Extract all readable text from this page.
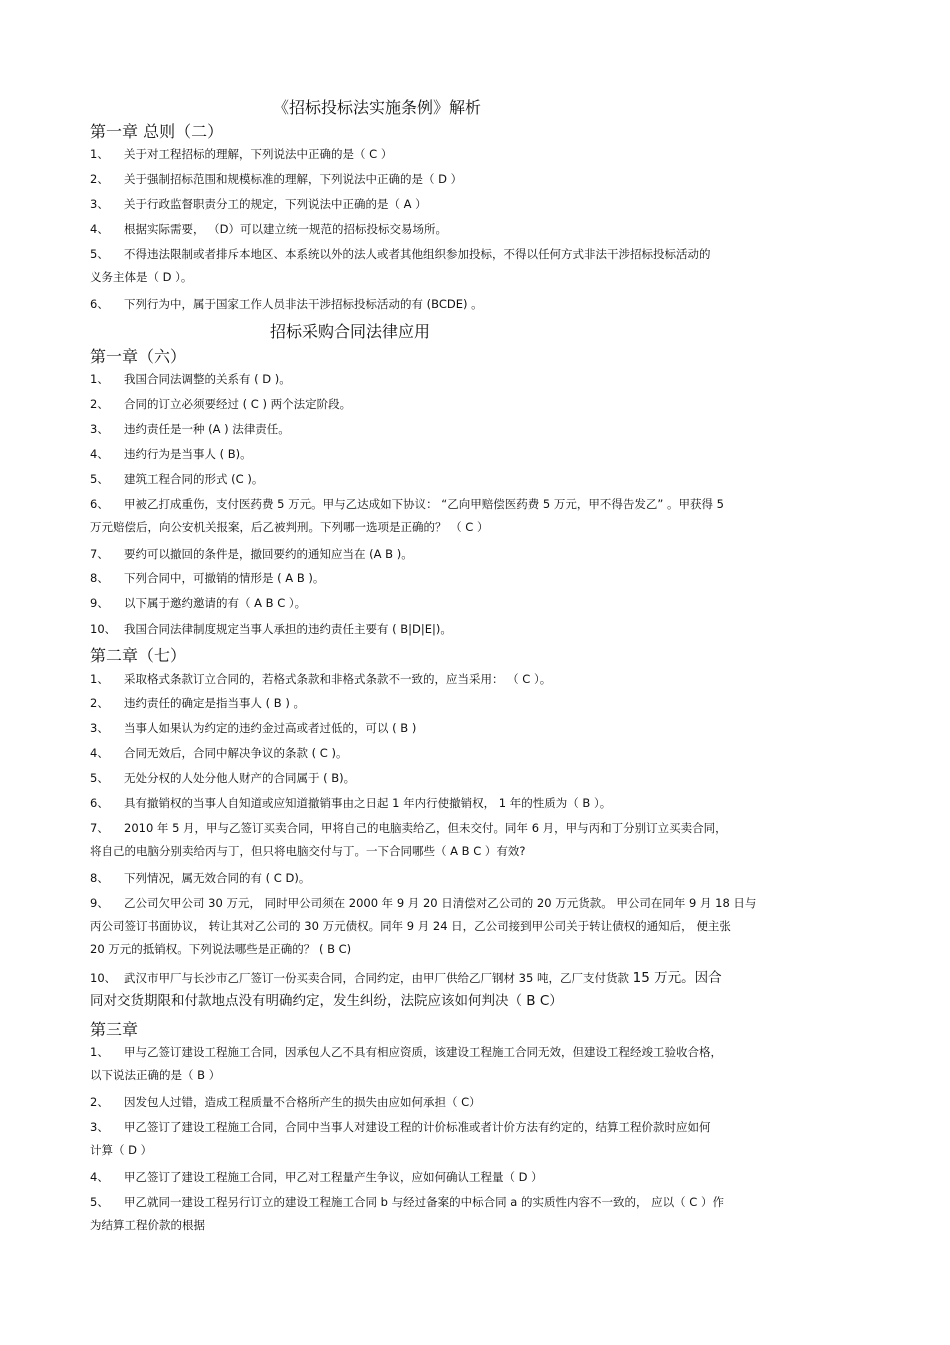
《招标投标法实施条例》解析
第一章 总则（二）
1、 关于对工程招标的理解，下列说法中正确的是（ C ）
2、 关于强制招标范围和规模标准的理解，下列说法中正确的是（ D ）
3、 关于行政监督职责分工的规定，下列说法中正确的是（ A ）
4、 根据实际需要， （D）可以建立统一规范的招标投标交易场所。
5、 不得违法限制或者排斥本地区、本系统以外的法人或者其他组织参加投标，不得以任何方式非法干涉招标投标活动的
义务主体是（ D ）。
6、 下列行为中，属于国家工作人员非法干涉招标投标活动的有 (BCDE) 。
招标采购合同法律应用
第一章（六）
1、 我国合同法调整的关系有 ( D )。
2、 合同的订立必须要经过 ( C ) 两个法定阶段。
3、 违约责任是一种 (A ) 法律责任。
4、 违约行为是当事人 ( B)。
5、 建筑工程合同的形式 (C )。
6、 甲被乙打成重伤，支付医药费 5 万元。甲与乙达成如下协议： “乙向甲赔偿医药费 5 万元，甲不得告发乙” 。甲获得 5
万元赔偿后，向公安机关报案，后乙被判刑。下列哪一选项是正确的？ （ C ）
7、 要约可以撤回的条件是，撤回要约的通知应当在 (A B )。
8、 下列合同中，可撤销的情形是 ( A B )。
9、 以下属于邀约邀请的有（ A B C ）。
10、 我国合同法律制度规定当事人承担的违约责任主要有 ( B|D|E|)。
第二章（七）
1、 采取格式条款订立合同的，若格式条款和非格式条款不一致的，应当采用： （ C ）。
2、 违约责任的确定是指当事人 ( B ) 。
3、 当事人如果认为约定的违约金过高或者过低的，可以 ( B )
4、 合同无效后，合同中解决争议的条款 ( C )。
5、 无处分权的人处分他人财产的合同属于 ( B)。
6、 具有撤销权的当事人自知道或应知道撤销事由之日起 1 年内行使撤销权， 1 年的性质为（ B ）。
7、 2010 年 5 月，甲与乙签订买卖合同，甲将自己的电脑卖给乙，但未交付。同年 6 月，甲与丙和丁分别订立买卖合同，
将自己的电脑分别卖给丙与丁，但只将电脑交付与丁。一下合同哪些（ A B C ）有效?
8、 下列情况，属无效合同的有 ( C D)。
9、 乙公司欠甲公司 30 万元， 同时甲公司须在 2000 年 9 月 20 日清偿对乙公司的 20 万元货款。 甲公司在同年 9 月 18 日与
丙公司签订书面协议， 转让其对乙公司的 30 万元债权。同年 9 月 24 日，乙公司接到甲公司关于转让债权的通知后， 便主张
20 万元的抵销权。下列说法哪些是正确的？ ( B C)
10、 武汉市甲厂与长沙市乙厂签订一份买卖合同，合同约定，由甲厂供给乙厂钢材 35 吨，乙厂支付货款 15 万元。因合
同对交货期限和付款地点没有明确约定，发生纠纷，法院应该如何判决（ B C）
第三章
1、 甲与乙签订建设工程施工合同，因承包人乙不具有相应资质，该建设工程施工合同无效，但建设工程经竣工验收合格，
以下说法正确的是（ B ）
2、 因发包人过错，造成工程质量不合格所产生的损失由应如何承担（ C）
3、 甲乙签订了建设工程施工合同，合同中当事人对建设工程的计价标准或者计价方法有约定的，结算工程价款时应如何
计算（ D ）
4、 甲乙签订了建设工程施工合同，甲乙对工程量产生争议，应如何确认工程量（ D ）
5、 甲乙就同一建设工程另行订立的建设工程施工合同 b 与经过备案的中标合同 a 的实质性内容不一致的， 应以（ C ）作
为结算工程价款的根据
